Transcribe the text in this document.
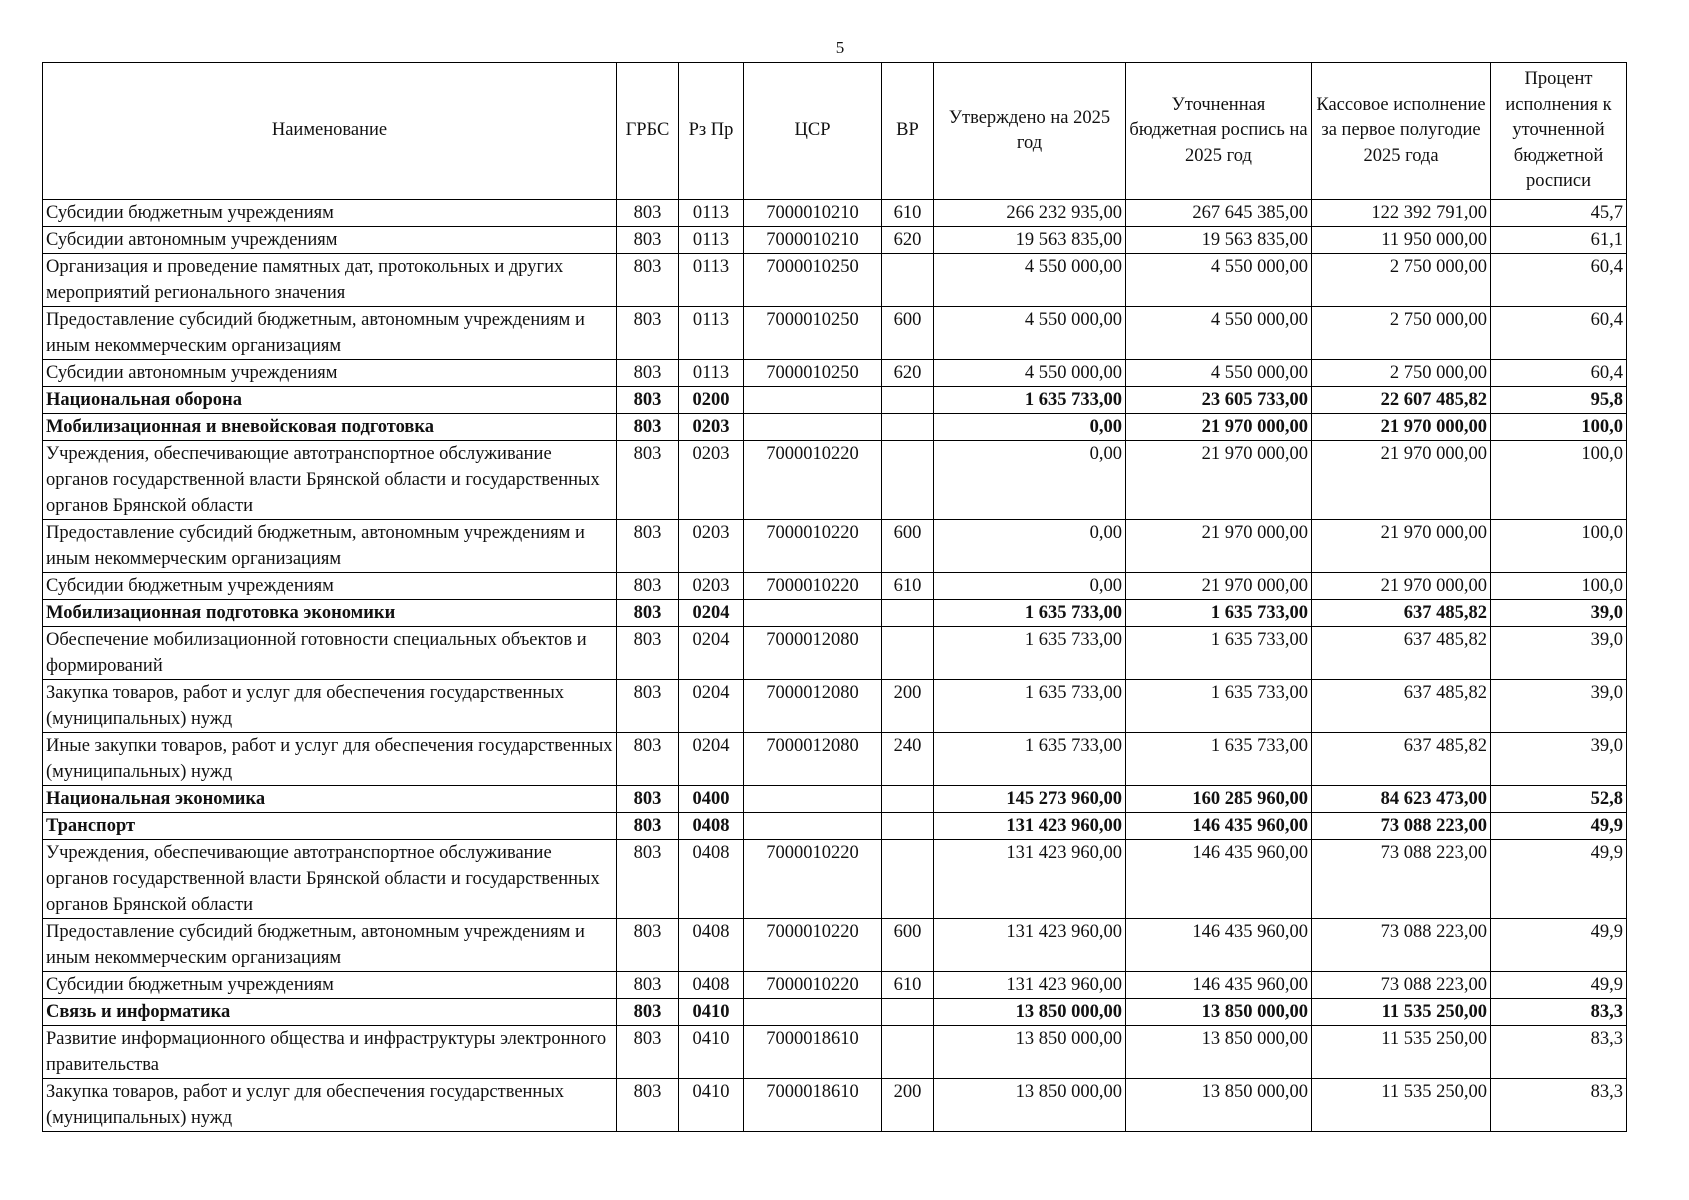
5
Наименование	ГРБС	Рз Пр	ЦСР	ВР	Утверждено на 2025 год	Уточненная бюджетная роспись на 2025 год	Кассовое исполнение за первое полугодие 2025 года	Процент исполнения к уточненной бюджетной росписи
Субсидии бюджетным учреждениям	803	0113	7000010210	610	266 232 935,00	267 645 385,00	122 392 791,00	45,7
Субсидии автономным учреждениям	803	0113	7000010210	620	19 563 835,00	19 563 835,00	11 950 000,00	61,1
Организация и проведение памятных дат, протокольных и других мероприятий регионального значения	803	0113	7000010250		4 550 000,00	4 550 000,00	2 750 000,00	60,4
Предоставление субсидий бюджетным, автономным учреждениям и иным некоммерческим организациям	803	0113	7000010250	600	4 550 000,00	4 550 000,00	2 750 000,00	60,4
Субсидии автономным учреждениям	803	0113	7000010250	620	4 550 000,00	4 550 000,00	2 750 000,00	60,4
Национальная оборона	803	0200			1 635 733,00	23 605 733,00	22 607 485,82	95,8
Мобилизационная и вневойсковая подготовка	803	0203			0,00	21 970 000,00	21 970 000,00	100,0
Учреждения, обеспечивающие автотранспортное обслуживание органов государственной власти Брянской области и государственных органов Брянской области	803	0203	7000010220		0,00	21 970 000,00	21 970 000,00	100,0
Предоставление субсидий бюджетным, автономным учреждениям и иным некоммерческим организациям	803	0203	7000010220	600	0,00	21 970 000,00	21 970 000,00	100,0
Субсидии бюджетным учреждениям	803	0203	7000010220	610	0,00	21 970 000,00	21 970 000,00	100,0
Мобилизационная подготовка экономики	803	0204			1 635 733,00	1 635 733,00	637 485,82	39,0
Обеспечение мобилизационной готовности специальных объектов и формирований	803	0204	7000012080		1 635 733,00	1 635 733,00	637 485,82	39,0
Закупка товаров, работ и услуг для обеспечения государственных (муниципальных) нужд	803	0204	7000012080	200	1 635 733,00	1 635 733,00	637 485,82	39,0
Иные закупки товаров, работ и услуг для обеспечения государственных (муниципальных) нужд	803	0204	7000012080	240	1 635 733,00	1 635 733,00	637 485,82	39,0
Национальная экономика	803	0400			145 273 960,00	160 285 960,00	84 623 473,00	52,8
Транспорт	803	0408			131 423 960,00	146 435 960,00	73 088 223,00	49,9
Учреждения, обеспечивающие автотранспортное обслуживание органов государственной власти Брянской области и государственных органов Брянской области	803	0408	7000010220		131 423 960,00	146 435 960,00	73 088 223,00	49,9
Предоставление субсидий бюджетным, автономным учреждениям и иным некоммерческим организациям	803	0408	7000010220	600	131 423 960,00	146 435 960,00	73 088 223,00	49,9
Субсидии бюджетным учреждениям	803	0408	7000010220	610	131 423 960,00	146 435 960,00	73 088 223,00	49,9
Связь и информатика	803	0410			13 850 000,00	13 850 000,00	11 535 250,00	83,3
Развитие информационного общества и инфраструктуры электронного правительства	803	0410	7000018610		13 850 000,00	13 850 000,00	11 535 250,00	83,3
Закупка товаров, работ и услуг для обеспечения государственных (муниципальных) нужд	803	0410	7000018610	200	13 850 000,00	13 850 000,00	11 535 250,00	83,3
